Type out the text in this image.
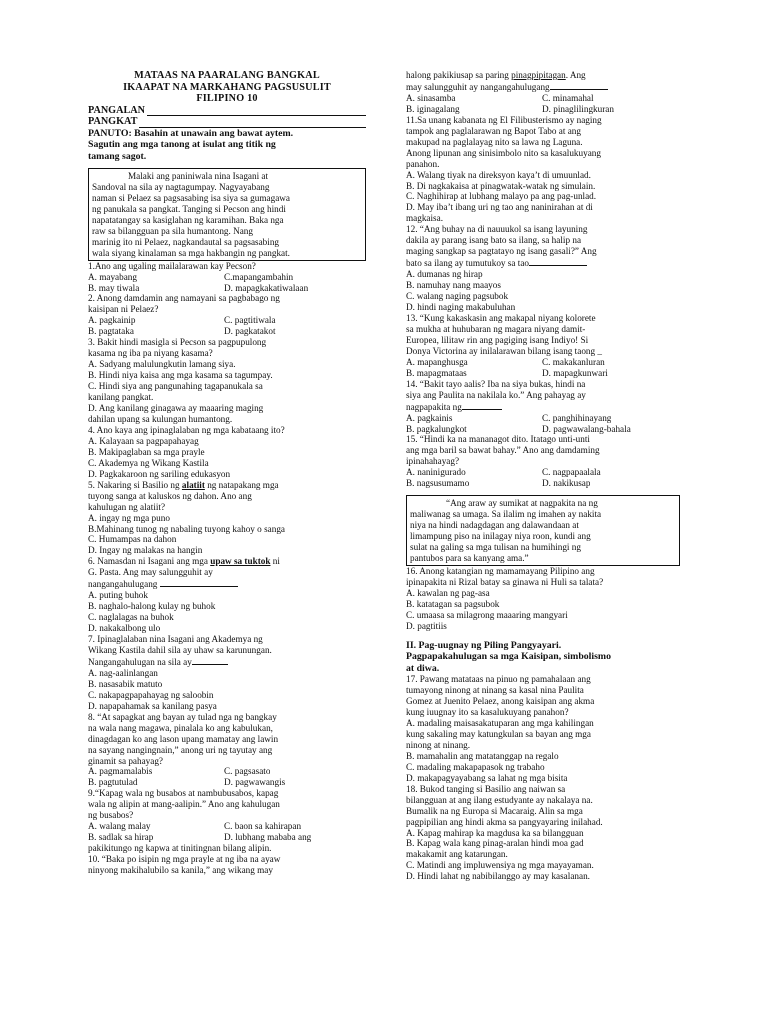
MATAAS NA PAARALANG BANGKAL
IKAAPAT NA MARKAHANG PAGSUSULIT
FILIPINO 10
PANGALAN
PANGKAT
PANUTO: Basahin at unawain ang bawat aytem.
Sagutin ang mga tanong at isulat ang titik ng
tamang sagot.
Malaki ang paniniwala nina Isagani at
Sandoval na sila ay nagtagumpay. Nagyayabang
naman si Pelaez sa pagsasabing isa siya sa gumagawa
ng panukala sa pangkat. Tanging si Pecson ang hindi
napatatangay sa kasiglahan ng karamihan. Baka nga
raw sa bilangguan pa sila humantong. Nang
marinig ito ni Pelaez, nagkandautal sa pagsasabing
wala siyang kinalaman sa mga hakbangin ng pangkat.
1.Ano ang ugaling mailalarawan kay Pecson?
A. mayabang	C.mapangambahin
B. may tiwala	D. mapagkakatiwalaan
2. Anong damdamin ang namayani sa pagbabago ng
kaisipan ni Pelaez?
A. pagkainip	C. pagtitiwala
B. pagtataka	D. pagkatakot
3. Bakit hindi masigla si Pecson sa pagpupulong
kasama ng iba pa niyang kasama?
A. Sadyang malulungkutin lamang siya.
B. Hindi niya kaisa ang mga kasama sa tagumpay.
C. Hindi siya ang pangunahing tagapanukala sa
kanilang pangkat.
D. Ang kanilang ginagawa ay maaaring maging
dahilan upang sa kulungan humantong.
4. Ano kaya ang ipinaglalaban ng mga kabataang ito?
A. Kalayaan sa pagpapahayag
B. Makipaglaban sa mga prayle
C. Akademya ng Wikang Kastila
D. Pagkakaroon ng sariling edukasyon
5. Nakaring si Basilio ng alatiit ng natapakang mga
tuyong sanga at kaluskos ng dahon. Ano ang
kahulugan ng alatiit?
A. ingay ng mga puno
B.Mahinang tunog ng nabaling tuyong kahoy o sanga
C. Humampas na dahon
D. Ingay ng malakas na hangin
6. Namasdan ni Isagani ang mga upaw sa tuktok ni
G. Pasta. Ang may salungguhit ay
nangangahulugang
A. puting buhok
B. naghalo-halong kulay ng buhok
C. naglalagas na buhok
D. nakakalbong ulo
7. Ipinaglalaban nina Isagani ang Akademya ng
Wikang Kastila dahil sila ay uhaw sa karunungan.
Nangangahulugan na sila ay
A. nag-aalinlangan
B. nasasabik matuto
C. nakapagpapahayag ng saloobin
D. napapahamak sa kanilang pasya
8. “At sapagkat ang bayan ay tulad nga ng bangkay
na wala nang magawa, pinalala ko ang kabulukan,
dinagdagan ko ang lason upang mamatay ang lawin
na sayang nangingnain,” anong uri ng tayutay ang
ginamit sa pahayag?
A. pagmamalabis	C. pagsasato
B. pagtutulad	D. pagwawangis
9.“Kapag wala ng busabos at nambubusabos, kapag
wala ng alipin at mang-aalipin.” Ano ang kahulugan
ng busabos?
A. walang malay	C. baon sa kahirapan
B. sadlak sa hirap	D. lubhang mababa ang
pakikitungo ng kapwa at tinitingnan bilang alipin.
10. “Baka po isipin ng mga prayle at ng iba na ayaw
ninyong makihalubilo sa kanila,” ang wikang may
halong pakikiusap sa paring pinagpipitagan. Ang
may salungguhit ay nangangahulugang
A. sinasamba	C. minamahal
B. iginagalang	D. pinaglilingkuran
11.Sa unang kabanata ng El Filibusterismo ay naging
tampok ang paglalarawan ng Bapot Tabo at ang
makupad na paglalayag nito sa lawa ng Laguna.
Anong lipunan ang sinisimbolo nito sa kasalukuyang
panahon.
A. Walang tiyak na direksyon kaya’t di umuunlad.
B. Di nagkakaisa at pinagwatak-watak ng simulain.
C. Naghihirap at lubhang malayo pa ang pag-unlad.
D. May iba’t ibang uri ng tao ang naninirahan at di
magkaisa.
12. “Ang buhay na di nauuukol sa isang layuning
dakila ay parang isang bato sa ilang, sa halip na
maging sangkap sa pagtatayo ng isang gasali?” Ang
bato sa ilang ay tumutukoy sa tao
A. dumanas ng hirap
B. namuhay nang maayos
C. walang naging pagsubok
D. hindi naging makabuluhan
13. “Kung kakaskasin ang makapal niyang kolorete
sa mukha at huhubaran ng magara niyang damit-
Europea, lilitaw rin ang pagiging isang Indiyo! Si
Donya Victorina ay inilalarawan bilang isang taong _
A. mapanghusga	C. makakanluran
B. mapagmataas	D. mapagkunwari
14. “Bakit tayo aalis? Iba na siya bukas, hindi na
siya ang Paulita na nakilala ko.” Ang pahayag ay
nagpapakita ng
A. pagkainis	C. panghihinayang
B. pagkalungkot	D. pagwawalang-bahala
15. “Hindi ka na mananagot dito. Itatago unti-unti
ang mga baril sa bawat bahay.” Ano ang damdaming
ipinahahayag?
A. naninigurado	C. nagpapaalala
B. nagsusumamo	D. nakikusap
“Ang araw ay sumikat at nagpakita na ng
maliwanag sa umaga. Sa ilalim ng imahen ay nakita
niya na hindi nadagdagan ang dalawandaan at
limampung piso na inilagay niya roon, kundi ang
sulat na galing sa mga tulisan na humihingi ng
pantubos para sa kanyang ama.”
16. Anong katangian ng mamamayang Pilipino ang
ipinapakita ni Rizal batay sa ginawa ni Huli sa talata?
A. kawalan ng pag-asa
B. katatagan sa pagsubok
C. umaasa sa milagrong maaaring mangyari
D. pagtitiis
II. Pag-uugnay ng Piling Pangyayari.
Pagpapakahulugan sa mga Kaisipan, simbolismo
at diwa.
17. Pawang matataas na pinuo ng pamahalaan ang
tumayong ninong at ninang sa kasal nina Paulita
Gomez at Juenito Pelaez, anong kaisipan ang akma
kung iuugnay ito sa kasalukuyang panahon?
A. madaling maisasakatuparan ang mga kahilingan
kung sakaling may katungkulan sa bayan ang mga
ninong at ninang.
B. mamahalin ang matatanggap na regalo
C. madaling makapapasok ng trabaho
D. makapagyayabang sa lahat ng mga bisita
18. Bukod tanging si Basilio ang naiwan sa
bilangguan at ang ilang estudyante ay nakalaya na.
Bumalik na ng Europa si Macaraig. Alin sa mga
pagpipilian ang hindi akma sa pangyayaring inilahad.
A. Kapag mahirap ka magdusa ka sa bilangguan
B. Kapag wala kang pinag-aralan hindi moa gad
makakamit ang katarungan.
C. Matindi ang impluwensiya ng mga mayayaman.
D. Hindi lahat ng nabibilanggo ay may kasalanan.
